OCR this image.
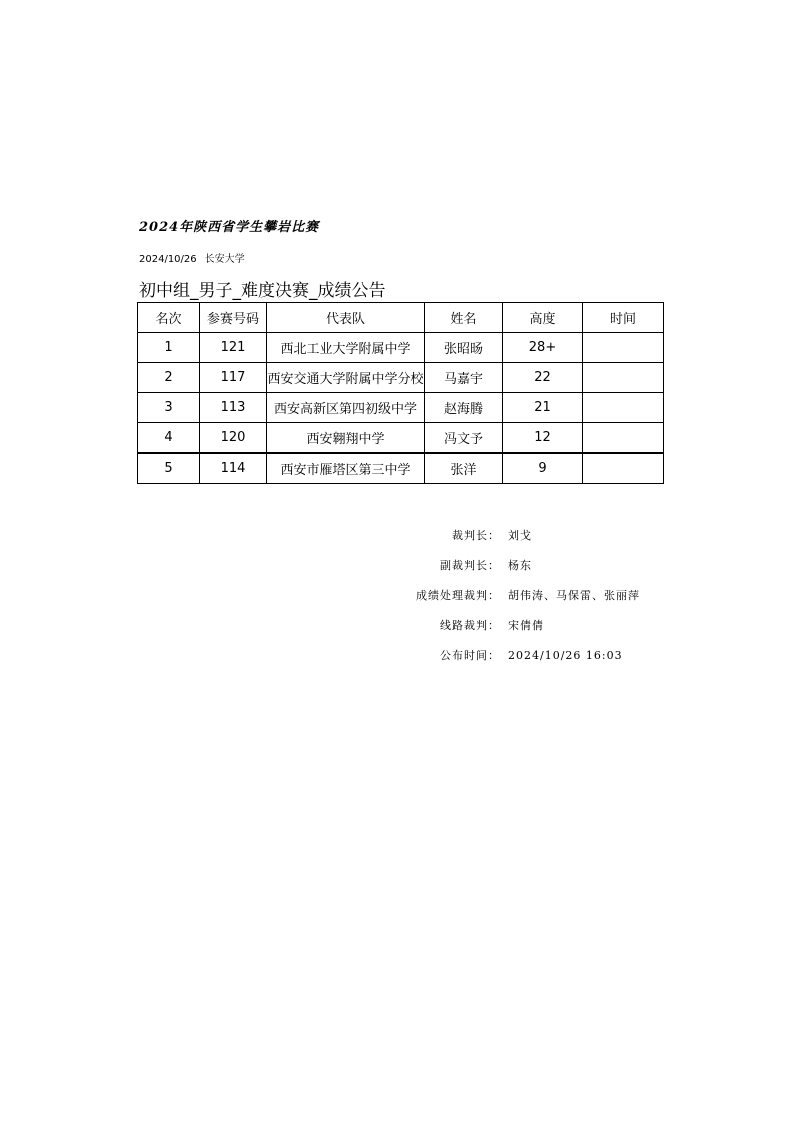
2024年陕西省学生攀岩比赛
2024/10/26 长安大学
初中组_男子_难度决赛_成绩公告
名次	参赛号码	代表队	姓名	高度	时间
1	121	西北工业大学附属中学	张昭旸	28+	
2	117	西安交通大学附属中学分校	马嘉宇	22	
3	113	西安高新区第四初级中学	赵海腾	21	
4	120	西安翱翔中学	冯文予	12	
5	114	西安市雁塔区第三中学	张洋	9	
裁判长： 刘戈
副裁判长： 杨东
成绩处理裁判： 胡伟涛、马保雷、张丽萍
线路裁判： 宋倩倩
公布时间： 2024/10/26 16:03
